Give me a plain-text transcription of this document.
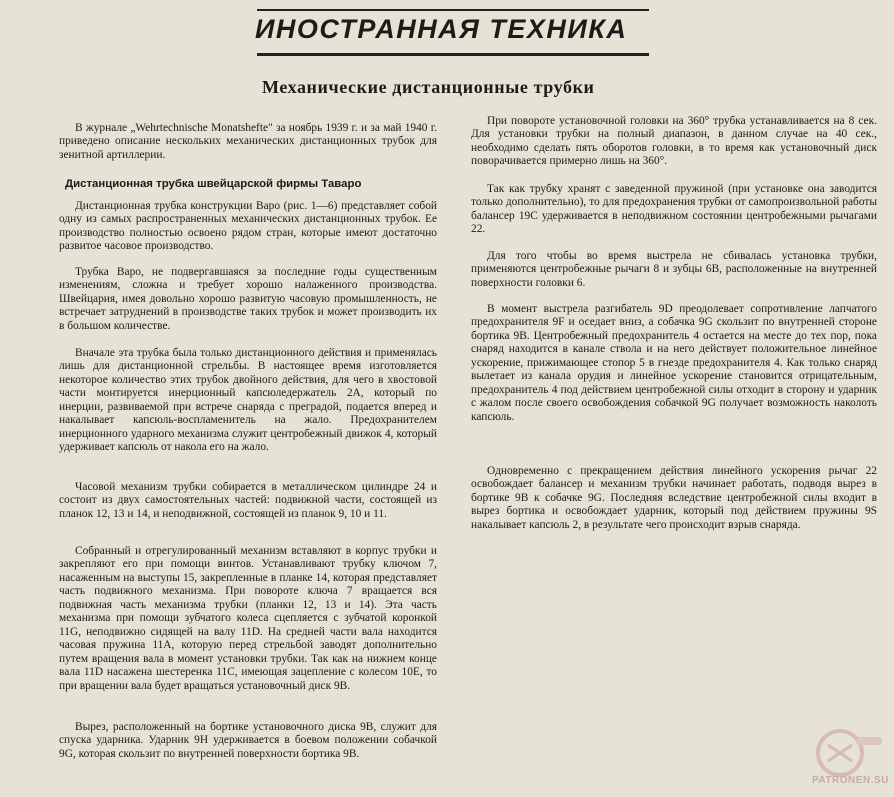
ИНОСТРАННАЯ ТЕХНИКА
Механические дистанционные трубки

В журнале „Wehrtechnische Monatshefte" за ноябрь 1939 г. и за май 1940 г. приведено описание нескольких механических дистанционных трубок для зенитной артиллерии.

Дистанционная трубка швейцарской фирмы Таваро

Дистанционная трубка конструкции Варо (рис. 1—6) представляет собой одну из самых распространенных механических дистанционных трубок. Ее производство полностью освоено рядом стран, которые имеют достаточно развитое часовое производство.

Трубка Варо, не подвергавшаяся за последние годы существенным изменениям, сложна и требует хорошо налаженного производства. Швейцария, имея довольно хорошо развитую часовую промышленность, не встречает затруднений в производстве таких трубок и может производить их в большом количестве.

Вначале эта трубка была только дистанционного действия и применялась лишь для дистанционной стрельбы. В настоящее время изготовляется некоторое количество этих трубок двойного действия, для чего в хвостовой части монтируется инерционный капсюледержатель 2A, который по инерции, развиваемой при встрече снаряда с преградой, подается вперед и накалывает капсюль-воспламенитель на жало. Предохранителем инерционного ударного механизма служит центробежный движок 4, который удерживает капсюль от накола его на жало.

Часовой механизм трубки собирается в металлическом цилиндре 24 и состоит из двух самостоятельных частей: подвижной части, состоящей из планок 12, 13 и 14, и неподвижной, состоящей из планок 9, 10 и 11.

Собранный и отрегулированный механизм вставляют в корпус трубки и закрепляют его при помощи винтов. Устанавливают трубку ключом 7, насаженным на выступы 15, закрепленные в планке 14, которая представляет часть подвижного механизма. При повороте ключа 7 вращается вся подвижная часть механизма трубки (планки 12, 13 и 14). Эта часть механизма при помощи зубчатого колеса сцепляется с зубчатой коронкой 11G, неподвижно сидящей на валу 11D. На средней части вала находится часовая пружина 11A, которую перед стрельбой заводят дополнительно путем вращения вала в момент установки трубки. Так как на нижнем конце вала 11D насажена шестеренка 11C, имеющая зацепление с колесом 10E, то при вращении вала будет вращаться установочный диск 9B.

Вырез, расположенный на бортике установочного диска 9B, служит для спуска ударника. Ударник 9H удерживается в боевом положении собачкой 9G, которая скользит по внутренней поверхности бортика 9B.

При повороте установочной головки на 360° трубка устанавливается на 8 сек. Для установки трубки на полный диапазон, в данном случае на 40 сек., необходимо сделать пять оборотов головки, в то время как установочный диск поворачивается примерно лишь на 360°.

Так как трубку хранят с заведенной пружиной (при установке она заводится только дополнительно), то для предохранения трубки от самопроизвольной работы балансер 19C удерживается в неподвижном состоянии центробежными рычагами 22.

Для того чтобы во время выстрела не сбивалась установка трубки, применяются центробежные рычаги 8 и зубцы 6B, расположенные на внутренней поверхности головки 6.

В момент выстрела разгибатель 9D преодолевает сопротивление лапчатого предохранителя 9F и оседает вниз, а собачка 9G скользит по внутренней стороне бортика 9B. Центробежный предохранитель 4 остается на месте до тех пор, пока снаряд находится в канале ствола и на него действует положительное линейное ускорение, прижимающее стопор 5 в гнезде предохранителя 4. Как только снаряд вылетает из канала орудия и линейное ускорение становится отрицательным, предохранитель 4 под действием центробежной силы отходит в сторону и ударник с жалом после своего освобождения собачкой 9G получает возможность наколоть капсюль.

Одновременно с прекращением действия линейного ускорения рычаг 22 освобождает балансер и механизм трубки начинает работать, подводя вырез в бортике 9B к собачке 9G. Последняя вследствие центробежной силы входит в вырез бортика и освобождает ударник, который под действием пружины 9S накалывает капсюль 2, в результате чего происходит взрыв снаряда.

PATRONEN.SU
